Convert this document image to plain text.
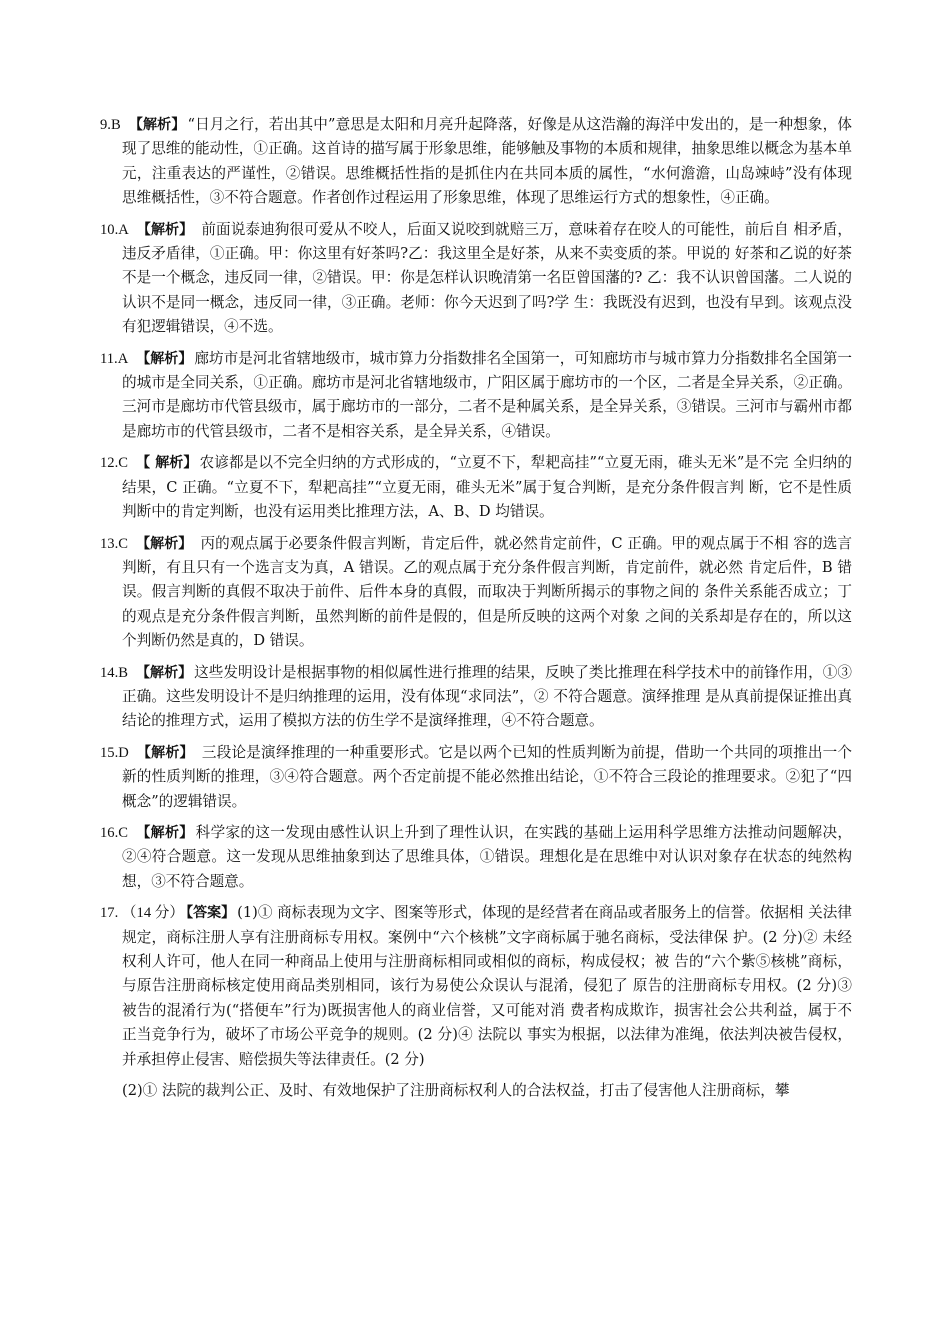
9.B 【解析】 “日月之行，若出其中”意思是太阳和月亮升起降落，好像是从这浩瀚的海洋中发出的，是一种想象，体现了思维的能动性，①正确。这首诗的描写属于形象思维，能够触及事物的本质和规律，抽象思维以概念为基本单元，注重表达的严谨性，②错误。思维概括性指的是抓住内在共同本质的属性，“水何澹澹，山岛竦峙”没有体现思维概括性，③不符合题意。作者创作过程运用了形象思维，体现了思维运行方式的想象性，④正确。

10.A 【解析】 前面说泰迪狗很可爱从不咬人，后面又说咬到就赔三万，意味着存在咬人的可能性，前后自 相矛盾，违反矛盾律，①正确。甲：你这里有好茶吗?乙：我这里全是好茶，从来不卖变质的茶。甲说的 好茶和乙说的好茶不是一个概念，违反同一律，②错误。甲：你是怎样认识晚清第一名臣曾国藩的? 乙：我不认识曾国藩。二人说的认识不是同一概念，违反同一律，③正确。老师：你今天迟到了吗?学 生：我既没有迟到，也没有早到。该观点没有犯逻辑错误，④不选。

11.A 【解析】 廊坊市是河北省辖地级市，城市算力分指数排名全国第一，可知廊坊市与城市算力分指数排名全国第一的城市是全同关系，①正确。廊坊市是河北省辖地级市，广阳区属于廊坊市的一个区，二者是全异关系，②正确。三河市是廊坊市代管县级市，属于廊坊市的一部分，二者不是种属关系，是全异关系，③错误。三河市与霸州市都是廊坊市的代管县级市，二者不是相容关系，是全异关系，④错误。

12.C 【 解析】 农谚都是以不完全归纳的方式形成的，“立夏不下，犁耙高挂”“立夏无雨，碓头无米”是不完 全归纳的结果，C 正确。“立夏不下，犁耙高挂”“立夏无雨，碓头无米”属于复合判断，是充分条件假言判 断，它不是性质判断中的肯定判断，也没有运用类比推理方法，A、B、D 均错误。

13.C 【解析】 丙的观点属于必要条件假言判断，肯定后件，就必然肯定前件，C 正确。甲的观点属于不相 容的选言判断，有且只有一个选言支为真，A 错误。乙的观点属于充分条件假言判断，肯定前件，就必然 肯定后件，B 错误。假言判断的真假不取决于前件、后件本身的真假，而取决于判断所揭示的事物之间的 条件关系能否成立；丁的观点是充分条件假言判断，虽然判断的前件是假的，但是所反映的这两个对象 之间的关系却是存在的，所以这个判断仍然是真的，D 错误。

14.B 【解析】 这些发明设计是根据事物的相似属性进行推理的结果，反映了类比推理在科学技术中的前锋作用，①③正确。这些发明设计不是归纳推理的运用，没有体现“求同法”，② 不符合题意。演绎推理 是从真前提保证推出真结论的推理方式，运用了模拟方法的仿生学不是演绎推理，④不符合题意。

15.D 【解析】 三段论是演绎推理的一种重要形式。它是以两个已知的性质判断为前提，借助一个共同的项推出一个新的性质判断的推理，③④符合题意。两个否定前提不能必然推出结论，①不符合三段论的推理要求。②犯了“四概念”的逻辑错误。

16.C 【解析】 科学家的这一发现由感性认识上升到了理性认识，在实践的基础上运用科学思维方法推动问题解决，②④符合题意。这一发现从思维抽象到达了思维具体，①错误。理想化是在思维中对认识对象存在状态的纯然构想，③不符合题意。

17. （14 分） 【答案】 (1)① 商标表现为文字、图案等形式，体现的是经营者在商品或者服务上的信誉。依据相 关法律规定，商标注册人享有注册商标专用权。案例中“六个核桃”文字商标属于驰名商标，受法律保 护。(2 分)② 未经权利人许可，他人在同一种商品上使用与注册商标相同或相似的商标，构成侵权；被 告的“六个紫⑤核桃”商标，与原告注册商标核定使用商品类别相同，该行为易使公众误认与混淆，侵犯了 原告的注册商标专用权。(2 分)③ 被告的混淆行为(“搭便车”行为)既损害他人的商业信誉，又可能对消 费者构成欺诈，损害社会公共利益，属于不正当竞争行为，破坏了市场公平竞争的规则。(2 分)④ 法院以 事实为根据，以法律为准绳，依法判决被告侵权，并承担停止侵害、赔偿损失等法律责任。(2 分)

(2)① 法院的裁判公正、及时、有效地保护了注册商标权利人的合法权益，打击了侵害他人注册商标，攀
